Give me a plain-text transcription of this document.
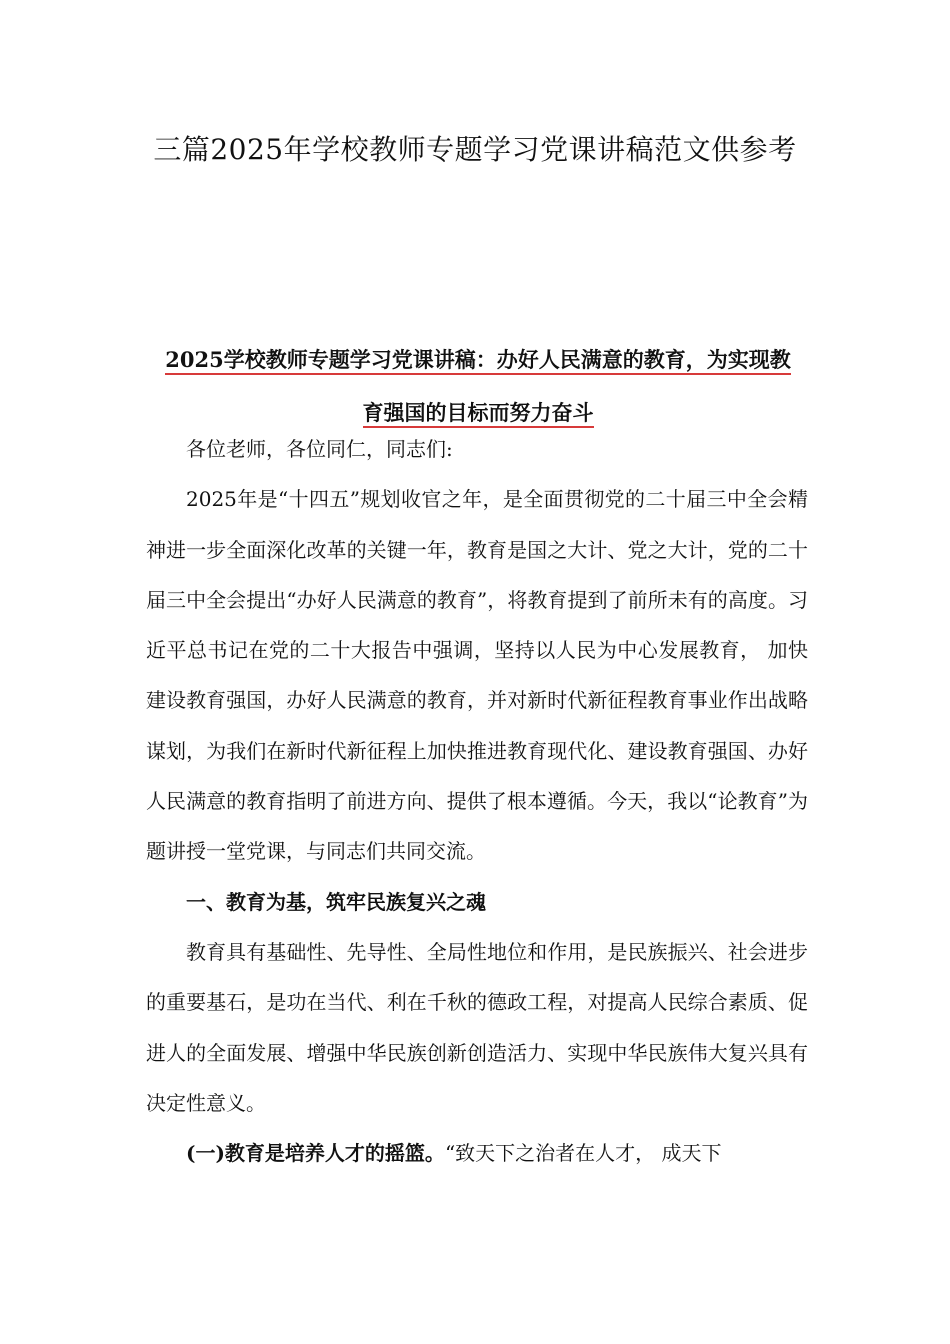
三篇2025年学校教师专题学习党课讲稿范文供参考
2025学校教师专题学习党课讲稿：办好人民满意的教育，为实现教
育强国的目标而努力奋斗

各位老师，各位同仁，同志们:

2025年是“十四五”规划收官之年，是全面贯彻党的二十届三中全会精神进一步全面深化改革的关键一年，教育是国之大计、党之大计，党的二十届三中全会提出“办好人民满意的教育”，将教育提到了前所未有的高度。习近平总书记在党的二十大报告中强调，坚持以人民为中心发展教育， 加快建设教育强国，办好人民满意的教育，并对新时代新征程教育事业作出战略谋划，为我们在新时代新征程上加快推进教育现代化、建设教育强国、办好人民满意的教育指明了前进方向、提供了根本遵循。今天，我以“论教育”为题讲授一堂党课，与同志们共同交流。

一、教育为基，筑牢民族复兴之魂

教育具有基础性、先导性、全局性地位和作用，是民族振兴、社会进步的重要基石，是功在当代、利在千秋的德政工程，对提高人民综合素质、促进人的全面发展、增强中华民族创新创造活力、实现中华民族伟大复兴具有决定性意义。

(一)教育是培养人才的摇篮。“致天下之治者在人才， 成天下
